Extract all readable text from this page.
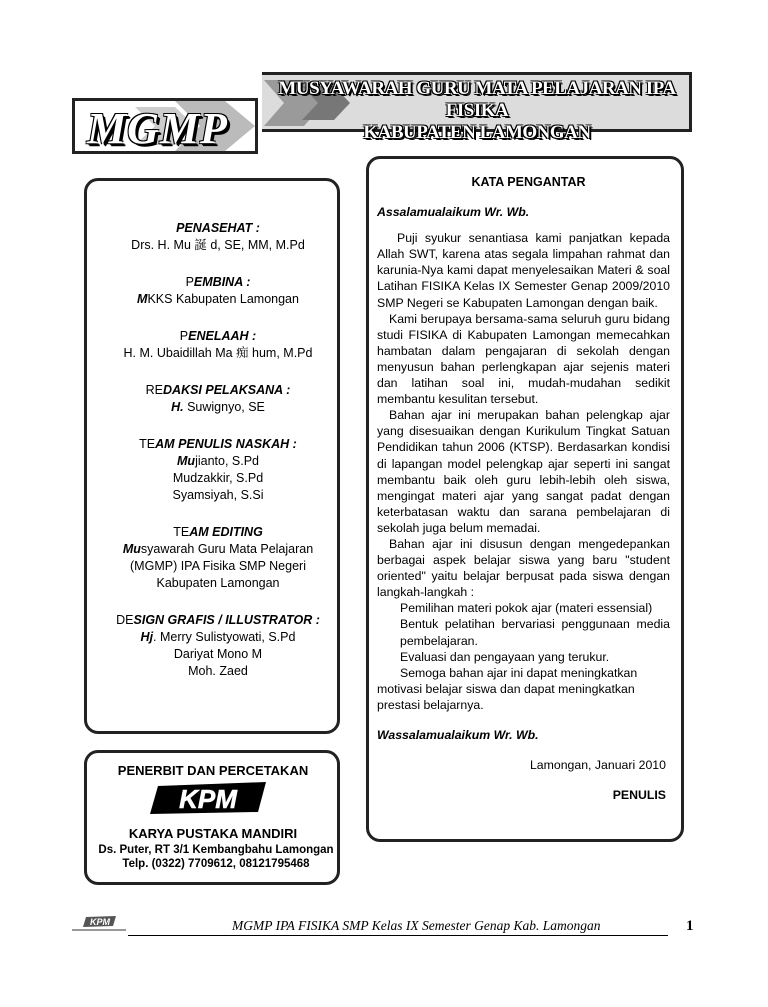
MUSYAWARAH GURU MATA PELAJARAN IPA FISIKA
KABUPATEN LAMONGAN
MGMP
PENASEHAT :
Drs. H. Mu 誕 d, SE, MM, M.Pd
PEMBINA :
MKKS Kabupaten Lamongan
PENELAAH :
H. M. Ubaidillah Ma 痴 hum, M.Pd
REDAKSI PELAKSANA :
H. Suwignyo, SE
TEAM PENULIS NASKAH :
Mujianto, S.Pd
Mudzakkir, S.Pd
Syamsiyah, S.Si
TEAM EDITING
Musyawarah Guru Mata Pelajaran
(MGMP) IPA Fisika SMP Negeri
Kabupaten Lamongan
DESIGN GRAFIS / ILLUSTRATOR :
Hj. Merry Sulistyowati, S.Pd
Dariyat Mono M
Moh. Zaed
PENERBIT DAN PERCETAKAN
KPM
KARYA PUSTAKA MANDIRI
Ds. Puter, RT 3/1 Kembangbahu Lamongan
Telp. (0322) 7709612, 08121795468
KATA PENGANTAR
Assalamualaikum Wr. Wb.

Puji syukur senantiasa kami panjatkan kepada Allah SWT, karena atas segala limpahan rahmat dan karunia-Nya kami dapat menyelesaikan Materi & soal Latihan FISIKA Kelas IX Semester Genap 2009/2010 SMP Negeri se Kabupaten Lamongan dengan baik.

Kami berupaya bersama-sama seluruh guru bidang studi FISIKA di Kabupaten Lamongan memecahkan hambatan dalam pengajaran di sekolah dengan menyusun bahan perlengkapan ajar sejenis materi dan latihan soal ini, mudah-mudahan sedikit membantu kesulitan tersebut.

Bahan ajar ini merupakan bahan pelengkap ajar yang disesuaikan dengan Kurikulum Tingkat Satuan Pendidikan tahun 2006 (KTSP). Berdasarkan kondisi di lapangan model pelengkap ajar seperti ini sangat membantu baik oleh guru lebih-lebih oleh siswa, mengingat materi ajar yang sangat padat dengan keterbatasan waktu dan sarana pembelajaran di sekolah juga belum memadai.

Bahan ajar ini disusun dengan mengedepankan berbagai aspek belajar siswa yang baru "student oriented" yaitu belajar berpusat pada siswa dengan langkah-langkah :

Pemilihan materi pokok ajar (materi essensial)

Bentuk pelatihan bervariasi penggunaan media pembelajaran.

Evaluasi dan pengayaan yang terukur.

Semoga bahan ajar ini dapat meningkatkan

motivasi belajar siswa dan dapat meningkatkan

prestasi belajarnya.

Wassalamualaikum Wr. Wb.
Lamongan, Januari 2010
PENULIS
KPM	MGMP IPA FISIKA SMP Kelas IX Semester Genap Kab. Lamongan	1
